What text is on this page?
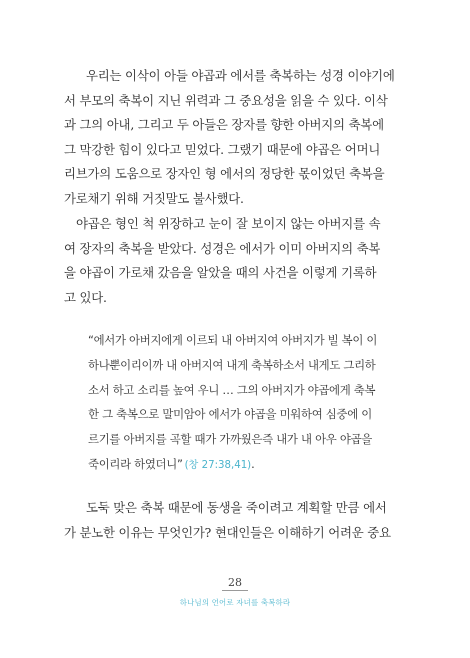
우리는 이삭이 아들 야곱과 에서를 축복하는 성경 이야기에
서 부모의 축복이 지닌 위력과 그 중요성을 읽을 수 있다. 이삭
과 그의 아내, 그리고 두 아들은 장자를 향한 아버지의 축복에
그 막강한 힘이 있다고 믿었다. 그랬기 때문에 야곱은 어머니
리브가의 도움으로 장자인 형 에서의 정당한 몫이었던 축복을
가로채기 위해 거짓말도 불사했다.
야곱은 형인 척 위장하고 눈이 잘 보이지 않는 아버지를 속
여 장자의 축복을 받았다. 성경은 에서가 이미 아버지의 축복
을 야곱이 가로채 갔음을 알았을 때의 사건을 이렇게 기록하
고 있다.
“에서가 아버지에게 이르되 내 아버지여 아버지가 빌 복이 이
하나뿐이리이까 내 아버지여 내게 축복하소서 내게도 그리하
소서 하고 소리를 높여 우니 … 그의 아버지가 야곱에게 축복
한 그 축복으로 말미암아 에서가 야곱을 미워하여 심중에 이
르기를 아버지를 곡할 때가 가까웠은즉 내가 내 아우 야곱을
죽이리라 하였더니” (창 27:38,41).
도둑 맞은 축복 때문에 동생을 죽이려고 계획할 만큼 에서
가 분노한 이유는 무엇인가? 현대인들은 이해하기 어려운 중요
28
하나님의 언어로 자녀를 축복하라
